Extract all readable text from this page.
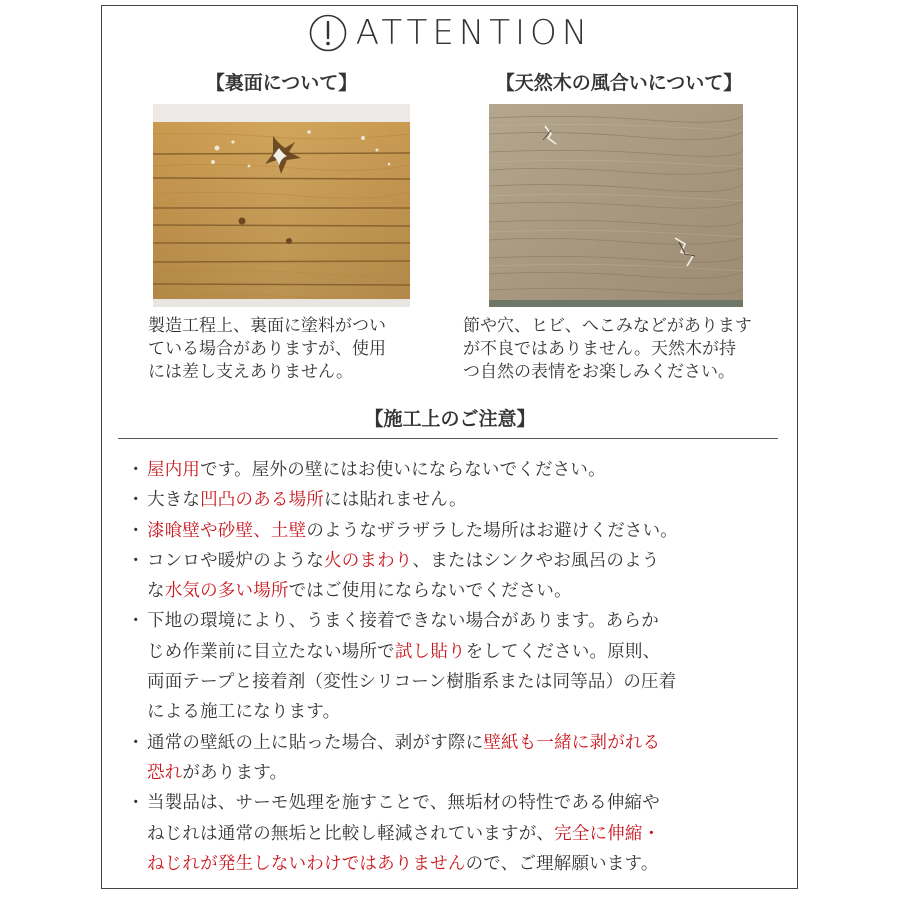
ATTENTION
【裏面について】
製造工程上、裏面に塗料がつい
ている場合がありますが、使用
には差し支えありません。
【天然木の風合いについて】
節や穴、ヒビ、へこみなどがあります
が不良ではありません。天然木が持
つ自然の表情をお楽しみください。
【施工上のご注意】
・ 屋内用です。屋外の壁にはお使いにならないでください。
・ 大きな凹凸のある場所には貼れません。
・ 漆喰壁や砂壁、土壁のようなザラザラした場所はお避けください。
・ コンロや暖炉のような火のまわり、またはシンクやお風呂のよう
な水気の多い場所ではご使用にならないでください。
・ 下地の環境により、うまく接着できない場合があります。あらか
じめ作業前に目立たない場所で試し貼りをしてください。原則、
両面テープと接着剤（変性シリコーン樹脂系または同等品）の圧着
による施工になります。
・ 通常の壁紙の上に貼った場合、剥がす際に壁紙も一緒に剥がれる
恐れがあります。
・ 当製品は、サーモ処理を施すことで、無垢材の特性である伸縮や
ねじれは通常の無垢と比較し軽減されていますが、完全に伸縮・
ねじれが発生しないわけではありませんので、ご理解願います。
